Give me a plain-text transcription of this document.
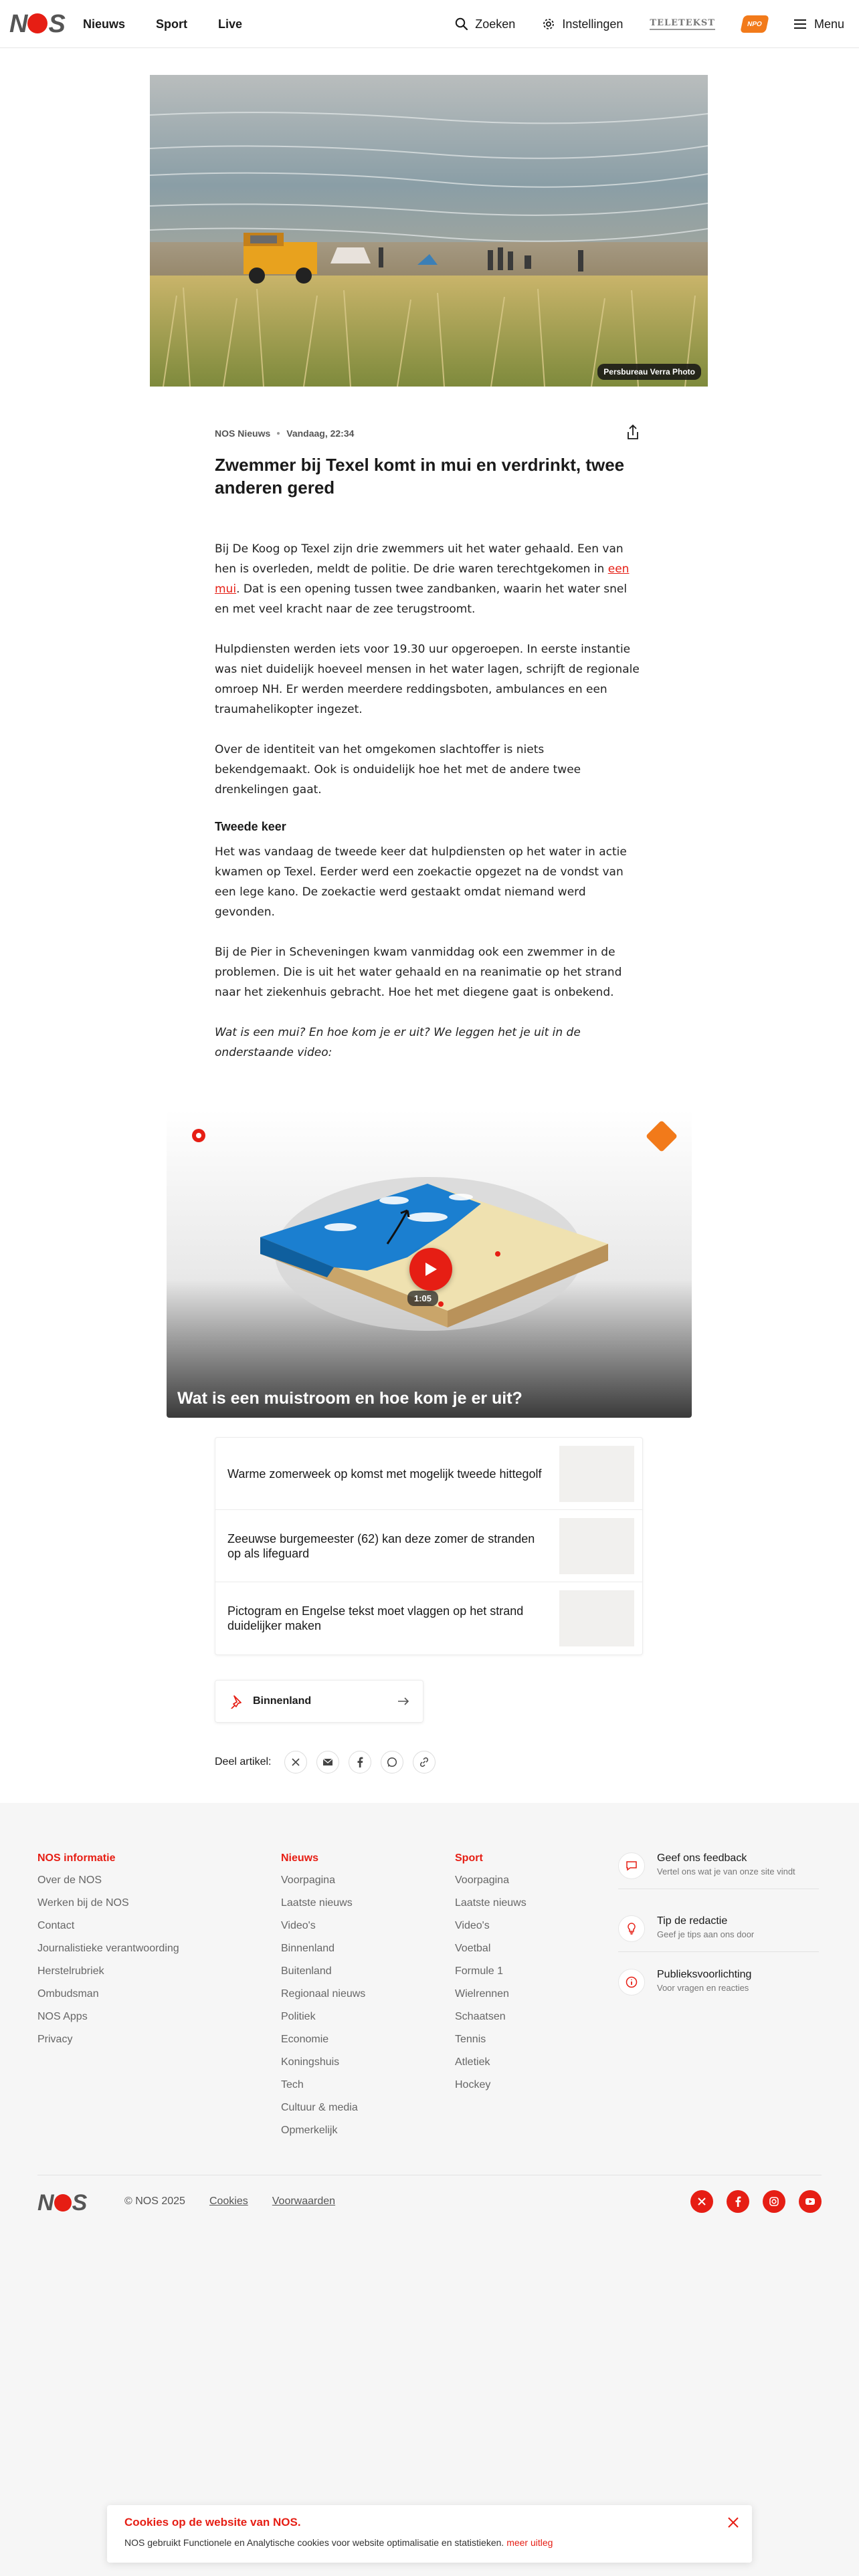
N S Nieuws	Sport	Live	Zoeken	Instellingen	TELETEKST	NPO	Menu
Persbureau Verra Photo
NOS Nieuws Vandaag, 22:34
Zwemmer bij Texel komt in mui en verdrinkt, twee anderen gered

Bij De Koog op Texel zijn drie zwemmers uit het water gehaald. Een van hen is overleden, meldt de politie. De drie waren terechtgekomen in een mui. Dat is een opening tussen twee zandbanken, waarin het water snel en met veel kracht naar de zee terugstroomt.

Hulpdiensten werden iets voor 19.30 uur opgeroepen. In eerste instantie was niet duidelijk hoeveel mensen in het water lagen, schrijft de regionale omroep NH. Er werden meerdere reddingsboten, ambulances en een traumahelikopter ingezet.

Over de identiteit van het omgekomen slachtoffer is niets bekendgemaakt. Ook is onduidelijk hoe het met de andere twee drenkelingen gaat.

Tweede keer

Het was vandaag de tweede keer dat hulpdiensten op het water in actie kwamen op Texel. Eerder werd een zoekactie opgezet na de vondst van een lege kano. De zoekactie werd gestaakt omdat niemand werd gevonden.

Bij de Pier in Scheveningen kwam vanmiddag ook een zwemmer in de problemen. Die is uit het water gehaald en na reanimatie op het strand naar het ziekenhuis gebracht. Hoe het met diegene gaat is onbekend.

Wat is een mui? En hoe kom je er uit? We leggen het je uit in de onderstaande video:

Wat is een muistroom en hoe kom je er uit?
1:05
Warme zomerweek op komst met mogelijk tweede hittegolf
Zeeuwse burgemeester (62) kan deze zomer de stranden op als lifeguard
Pictogram en Engelse tekst moet vlaggen op het strand duidelijker maken
Binnenland
Deel artikel:
NOS informatie
Over de NOS
Werken bij de NOS
Contact
Journalistieke verantwoording
Herstelrubriek
Ombudsman
NOS Apps
Privacy
Nieuws
Voorpagina
Laatste nieuws
Video's
Binnenland
Buitenland
Regionaal nieuws
Politiek
Economie
Koningshuis
Tech
Cultuur & media
Opmerkelijk
Sport
Voorpagina
Laatste nieuws
Video's
Voetbal
Formule 1
Wielrennen
Schaatsen
Tennis
Atletiek
Hockey
Geef ons feedback
Vertel ons wat je van onze site vindt
Tip de redactie
Geef je tips aan ons door
Publieksvoorlichting
Voor vragen en reacties
N S	© NOS 2025 Cookies Voorwaarden
Cookies op de website van NOS.
NOS gebruikt Functionele en Analytische cookies voor website optimalisatie en statistieken. meer uitleg
